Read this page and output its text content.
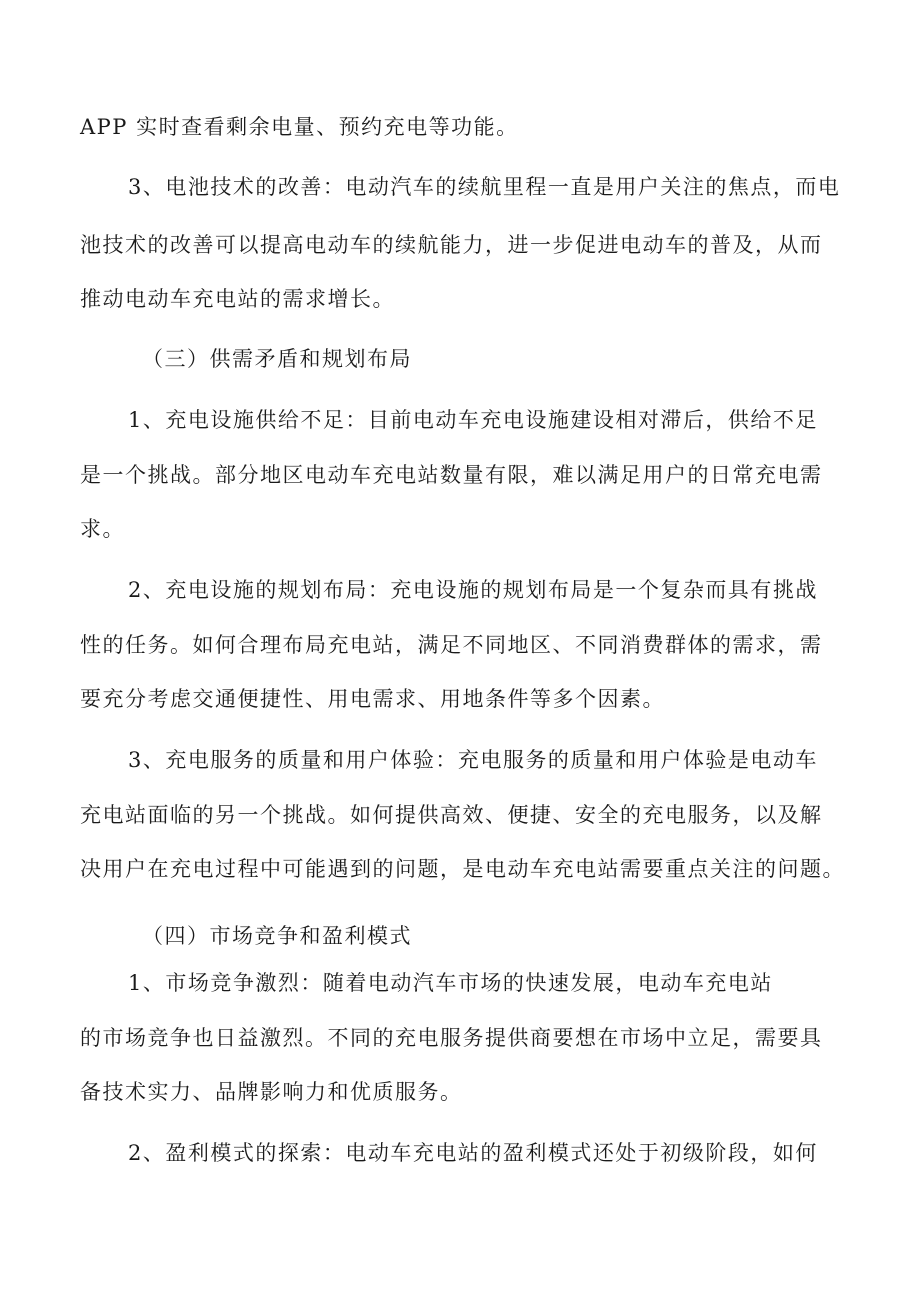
APP 实时查看剩余电量、预约充电等功能。
3、电池技术的改善：电动汽车的续航里程一直是用户关注的焦点，而电
池技术的改善可以提高电动车的续航能力，进一步促进电动车的普及，从而
推动电动车充电站的需求增长。
（三）供需矛盾和规划布局
1、充电设施供给不足：目前电动车充电设施建设相对滞后，供给不足
是一个挑战。部分地区电动车充电站数量有限，难以满足用户的日常充电需
求。
2、充电设施的规划布局：充电设施的规划布局是一个复杂而具有挑战
性的任务。如何合理布局充电站，满足不同地区、不同消费群体的需求，需
要充分考虑交通便捷性、用电需求、用地条件等多个因素。
3、充电服务的质量和用户体验：充电服务的质量和用户体验是电动车
充电站面临的另一个挑战。如何提供高效、便捷、安全的充电服务，以及解
决用户在充电过程中可能遇到的问题，是电动车充电站需要重点关注的问题。
（四）市场竞争和盈利模式
1、市场竞争激烈：随着电动汽车市场的快速发展，电动车充电站
的市场竞争也日益激烈。不同的充电服务提供商要想在市场中立足，需要具
备技术实力、品牌影响力和优质服务。
2、盈利模式的探索：电动车充电站的盈利模式还处于初级阶段，如何
